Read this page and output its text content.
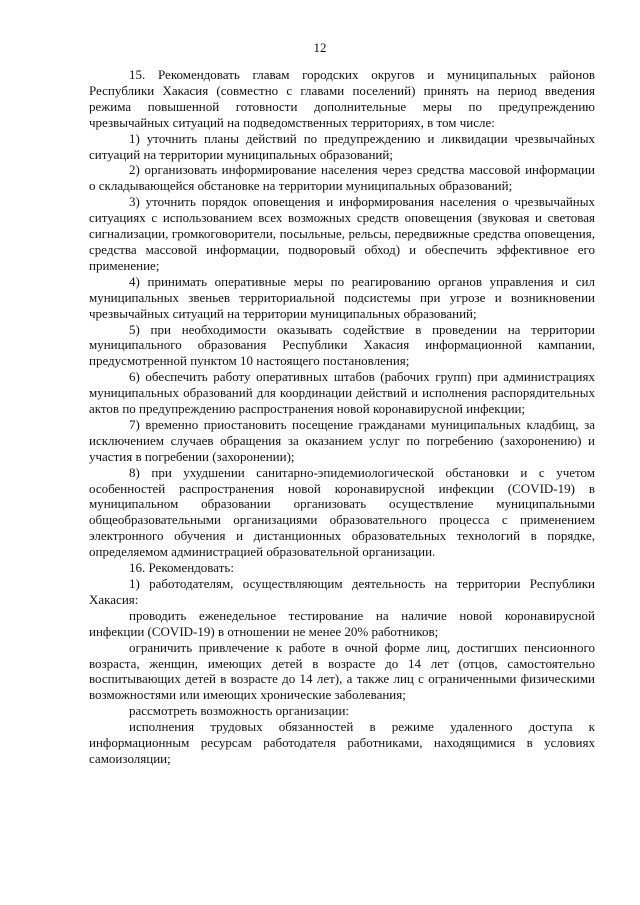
12

15. Рекомендовать главам городских округов и муниципальных районов Республики Хакасия (совместно с главами поселений) принять на период введения режима повышенной готовности дополнительные меры по предупреждению чрезвычайных ситуаций на подведомственных территориях, в том числе:

1) уточнить планы действий по предупреждению и ликвидации чрезвычайных ситуаций на территории муниципальных образований;

2) организовать информирование населения через средства массовой информации о складывающейся обстановке на территории муниципальных образований;

3) уточнить порядок оповещения и информирования населения о чрезвычайных ситуациях с использованием всех возможных средств оповещения (звуковая и световая сигнализации, громкоговорители, посыльные, рельсы, передвижные средства оповещения, средства массовой информации, подворовый обход) и обеспечить эффективное его применение;

4) принимать оперативные меры по реагированию органов управления и сил муниципальных звеньев территориальной подсистемы при угрозе и возникновении чрезвычайных ситуаций на территории муниципальных образований;

5) при необходимости оказывать содействие в проведении на территории муниципального образования Республики Хакасия информационной кампании, предусмотренной пунктом 10 настоящего постановления;

6) обеспечить работу оперативных штабов (рабочих групп) при администрациях муниципальных образований для координации действий и исполнения распорядительных актов по предупреждению распространения новой коронавирусной инфекции;

7) временно приостановить посещение гражданами муниципальных кладбищ, за исключением случаев обращения за оказанием услуг по погребению (захоронению) и участия в погребении (захоронении);

8) при ухудшении санитарно-эпидемиологической обстановки и с учетом особенностей распространения новой коронавирусной инфекции (COVID-19) в муниципальном образовании организовать осуществление муниципальными общеобразовательными организациями образовательного процесса с применением электронного обучения и дистанционных образовательных технологий в порядке, определяемом администрацией образовательной организации.

16. Рекомендовать:

1) работодателям, осуществляющим деятельность на территории Республики Хакасия:

проводить еженедельное тестирование на наличие новой коронавирусной инфекции (COVID-19) в отношении не менее 20% работников;

ограничить привлечение к работе в очной форме лиц, достигших пенсионного возраста, женщин, имеющих детей в возрасте до 14 лет (отцов, самостоятельно воспитывающих детей в возрасте до 14 лет), а также лиц с ограниченными физическими возможностями или имеющих хронические заболевания;

рассмотреть возможность организации:

исполнения трудовых обязанностей в режиме удаленного доступа к информационным ресурсам работодателя работниками, находящимися в условиях самоизоляции;
